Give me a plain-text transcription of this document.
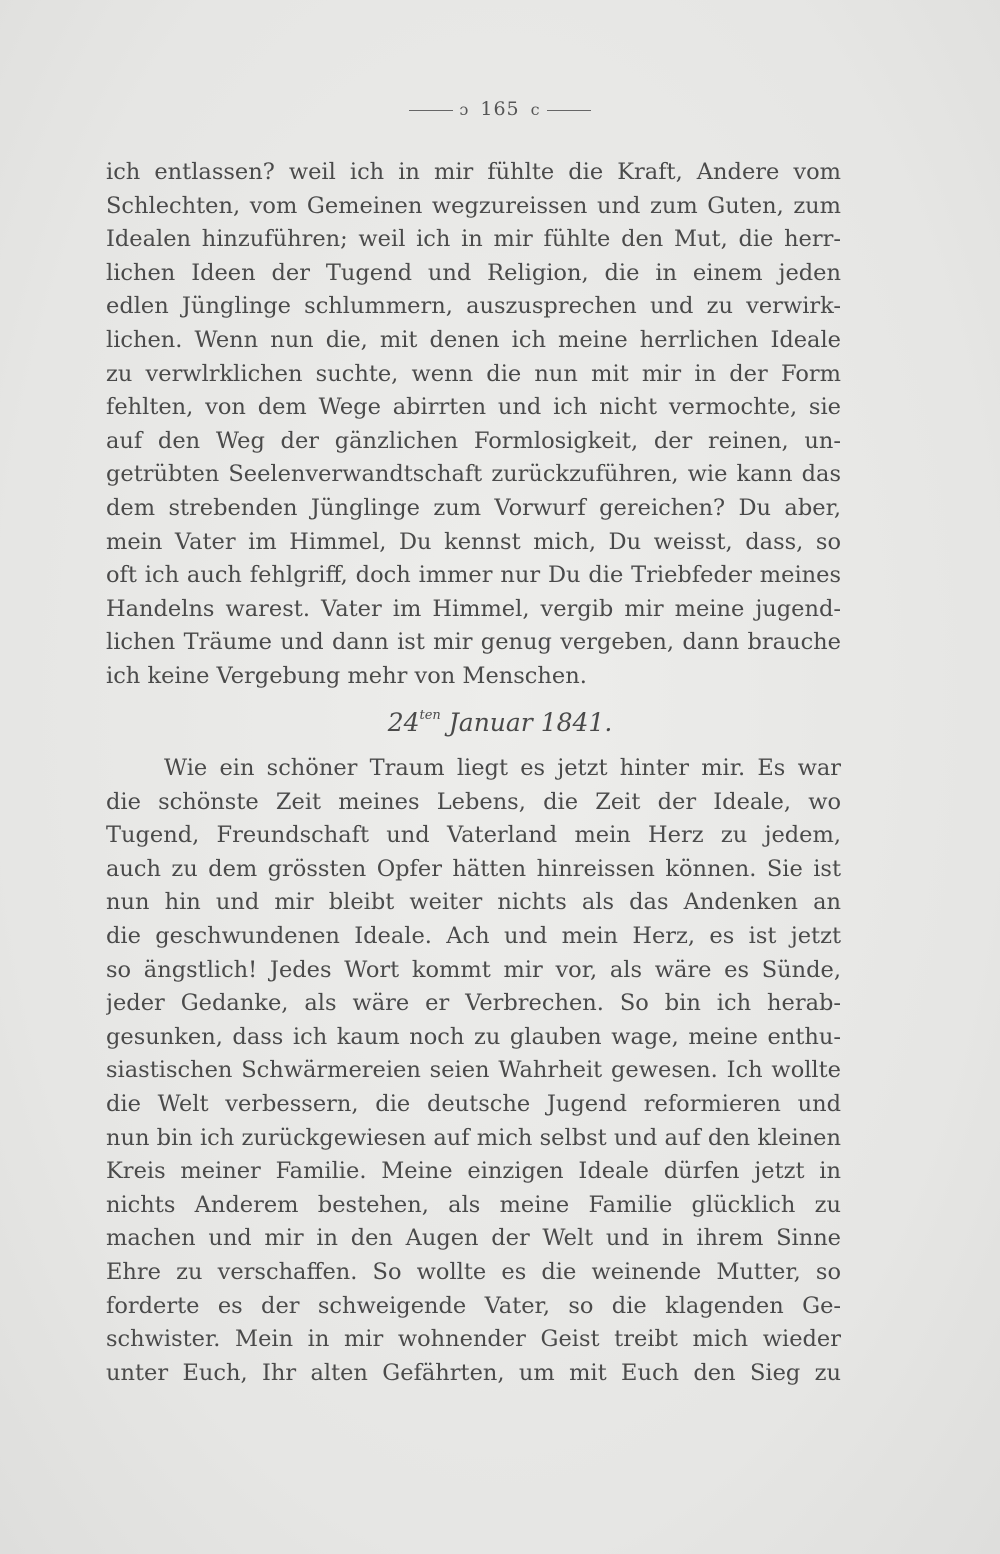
ɔ 165 c
ich entlassen? weil ich in mir fühlte die Kraft, Andere vom
Schlechten, vom Gemeinen wegzureissen und zum Guten, zum
Idealen hinzuführen; weil ich in mir fühlte den Mut, die herr-
lichen Ideen der Tugend und Religion, die in einem jeden
edlen Jünglinge schlummern, auszusprechen und zu verwirk-
lichen. Wenn nun die, mit denen ich meine herrlichen Ideale
zu verwlrklichen suchte, wenn die nun mit mir in der Form
fehlten, von dem Wege abirrten und ich nicht vermochte, sie
auf den Weg der gänzlichen Formlosigkeit, der reinen, un-
getrübten Seelenverwandtschaft zurückzuführen, wie kann das
dem strebenden Jünglinge zum Vorwurf gereichen? Du aber,
mein Vater im Himmel, Du kennst mich, Du weisst, dass, so
oft ich auch fehlgriff, doch immer nur Du die Triebfeder meines
Handelns warest. Vater im Himmel, vergib mir meine jugend-
lichen Träume und dann ist mir genug vergeben, dann brauche
ich keine Vergebung mehr von Menschen.
$24^{ten}$ Januar 1841.
Wie ein schöner Traum liegt es jetzt hinter mir. Es war
die schönste Zeit meines Lebens, die Zeit der Ideale, wo
Tugend, Freundschaft und Vaterland mein Herz zu jedem,
auch zu dem grössten Opfer hätten hinreissen können. Sie ist
nun hin und mir bleibt weiter nichts als das Andenken an
die geschwundenen Ideale. Ach und mein Herz, es ist jetzt
so ängstlich! Jedes Wort kommt mir vor, als wäre es Sünde,
jeder Gedanke, als wäre er Verbrechen. So bin ich herab-
gesunken, dass ich kaum noch zu glauben wage, meine enthu-
siastischen Schwärmereien seien Wahrheit gewesen. Ich wollte
die Welt verbessern, die deutsche Jugend reformieren und
nun bin ich zurückgewiesen auf mich selbst und auf den kleinen
Kreis meiner Familie. Meine einzigen Ideale dürfen jetzt in
nichts Anderem bestehen, als meine Familie glücklich zu
machen und mir in den Augen der Welt und in ihrem Sinne
Ehre zu verschaffen. So wollte es die weinende Mutter, so
forderte es der schweigende Vater, so die klagenden Ge-
schwister. Mein in mir wohnender Geist treibt mich wieder
unter Euch, Ihr alten Gefährten, um mit Euch den Sieg zu
